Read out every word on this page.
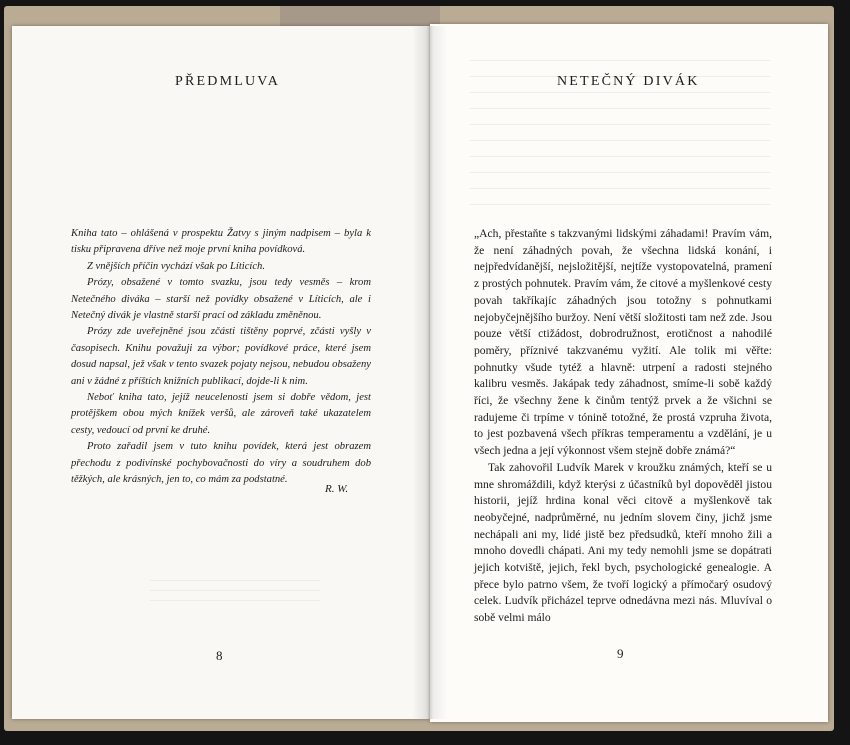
PŘEDMLUVA	NETEČNÝ DIVÁK

Kniha tato – ohlášená v prospektu Žatvy s jiným nadpisem – byla k tisku připravena dříve než moje první kniha povídková.

Z vnějších příčin vychází však po Líticích.

Prózy, obsažené v tomto svazku, jsou tedy vesměs – krom Netečného diváka – starší než povídky obsažené v Líticích, ale i Netečný divák je vlastně starší prací od základu změněnou.

Prózy zde uveřejněné jsou zčásti tištěny poprvé, zčásti vyšly v časopisech. Knihu považuji za výbor; povídkové práce, které jsem dosud napsal, jež však v tento svazek pojaty nejsou, nebudou obsaženy ani v žádné z příštích knižních publikací, dojde-li k nim.

Neboť kniha tato, jejíž neucelenosti jsem si dobře vědom, jest protějškem obou mých knížek veršů, ale zároveň také ukazatelem cesty, vedoucí od první ke druhé.

Proto zařadil jsem v tuto knihu povídek, která jest obrazem přechodu z podivínské pochybovačnosti do víry a soudruhem dob těžkých, ale krásných, jen to, co mám za podstatné.

R. W.

„Ach, přestaňte s takzvanými lidskými záhadami! Pravím vám, že není záhadných povah, že všechna lidská konání, i nejpředvídanější, nejsložitější, nejtíže vystopovatelná, pramení z prostých pohnutek. Pravím vám, že citové a myšlenkové cesty povah takříkajíc záhadných jsou totožny s pohnutkami nejobyčejnějšího buržoy. Není větší složitosti tam než zde. Jsou pouze větší ctižádost, dobrodružnost, erotičnost a nahodilé poměry, příznivé takzvanému vyžití. Ale tolik mi věřte: pohnutky všude tytéž a hlavně: utrpení a radosti stejného kalibru vesměs. Jakápak tedy záhadnost, smíme-li sobě každý říci, že všechny žene k činům tentýž prvek a že všichni se radujeme či trpíme v tónině totožné, že prostá vzpruha života, to jest pozbavená všech příkras temperamentu a vzdělání, je u všech jedna a její výkonnost všem stejně dobře známá?“

Tak zahovořil Ludvík Marek v kroužku známých, kteří se u mne shromáždili, když kterýsi z účastníků byl dopověděl jistou historii, jejíž hrdina konal věci citově a myšlenkově tak neobyčejné, nadprůměrné, nu jedním slovem činy, jichž jsme nechápali ani my, lidé jistě bez předsudků, kteří mnoho žili a mnoho dovedli chápati. Ani my tedy nemohli jsme se dopátrati jejich kotviště, jejich, řekl bych, psychologické genealogie. A přece bylo patrno všem, že tvoří logický a přímočarý osudový celek. Ludvík přicházel teprve odnedávna mezi nás. Mluvíval o sobě velmi málo

8	9
